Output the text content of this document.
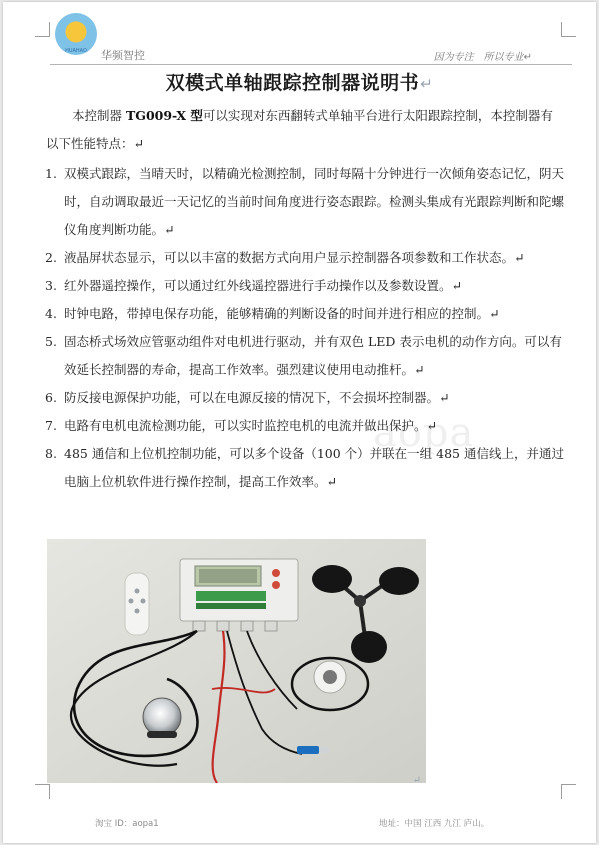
aopa
HUAHAO	华频智控	因为专注　所以专业↵
双模式单轴跟踪控制器说明书↵
本控制器 TG009-X 型可以实现对东西翻转式单轴平台进行太阳跟踪控制，本控制器有以下性能特点：↵
1. 双模式跟踪，当晴天时，以精确光检测控制，同时每隔十分钟进行一次倾角姿态记忆，阴天时，自动调取最近一天记忆的当前时间角度进行姿态跟踪。检测头集成有光跟踪判断和陀螺仪角度判断功能。↵
2. 液晶屏状态显示，可以以丰富的数据方式向用户显示控制器各项参数和工作状态。↵
3. 红外器遥控操作，可以通过红外线遥控器进行手动操作以及参数设置。↵
4. 时钟电路，带掉电保存功能，能够精确的判断设备的时间并进行相应的控制。↵
5. 固态桥式场效应管驱动组件对电机进行驱动，并有双色 LED 表示电机的动作方向。可以有效延长控制器的寿命，提高工作效率。强烈建议使用电动推杆。↵
6. 防反接电源保护功能，可以在电源反接的情况下，不会损坏控制器。↵
7. 电路有电机电流检测功能，可以实时监控电机的电流并做出保护。↵
8. 485 通信和上位机控制功能，可以多个设备（100 个）并联在一组 485 通信线上，并通过电脑上位机软件进行操作控制，提高工作效率。↵
↵
淘宝 ID：aopa1	地址：中国 江西 九江 庐山。
